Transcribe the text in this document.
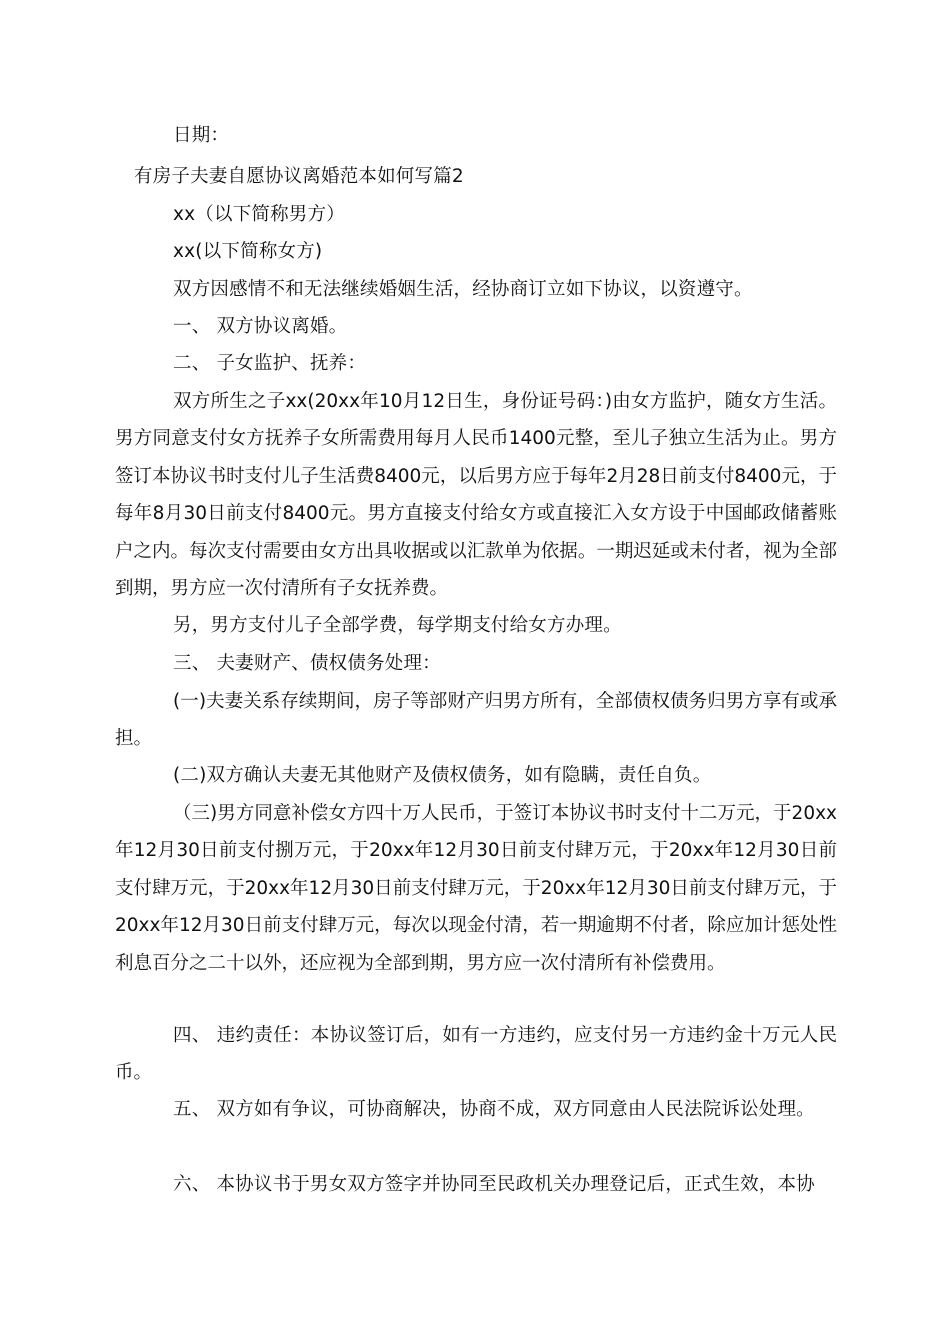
日期：
有房子夫妻自愿协议离婚范本如何写篇2
xx（以下简称男方）
xx(以下简称女方)
双方因感情不和无法继续婚姻生活，经协商订立如下协议，以资遵守。
一、 双方协议离婚。
二、 子女监护、抚养：
双方所生之子xx(20xx年10月12日生，身份证号码：)由女方监护，随女方生活。男方同意支付女方抚养子女所需费用每月人民币1400元整，至儿子独立生活为止。男方签订本协议书时支付儿子生活费8400元，以后男方应于每年2月28日前支付8400元，于每年8月30日前支付8400元。男方直接支付给女方或直接汇入女方设于中国邮政储蓄账户之内。每次支付需要由女方出具收据或以汇款单为依据。一期迟延或未付者，视为全部到期，男方应一次付清所有子女抚养费。
另，男方支付儿子全部学费，每学期支付给女方办理。
三、 夫妻财产、债权债务处理：
(一)夫妻关系存续期间，房子等部财产归男方所有，全部债权债务归男方享有或承担。
(二)双方确认夫妻无其他财产及债权债务，如有隐瞒，责任自负。
（三)男方同意补偿女方四十万人民币，于签订本协议书时支付十二万元，于20xx年12月30日前支付捌万元，于20xx年12月30日前支付肆万元，于20xx年12月30日前支付肆万元，于20xx年12月30日前支付肆万元，于20xx年12月30日前支付肆万元，于20xx年12月30日前支付肆万元，每次以现金付清，若一期逾期不付者，除应加计惩处性利息百分之二十以外，还应视为全部到期，男方应一次付清所有补偿费用。
四、 违约责任：本协议签订后，如有一方违约，应支付另一方违约金十万元人民币。
五、 双方如有争议，可协商解决，协商不成，双方同意由人民法院诉讼处理。
六、 本协议书于男女双方签字并协同至民政机关办理登记后，正式生效，本协
